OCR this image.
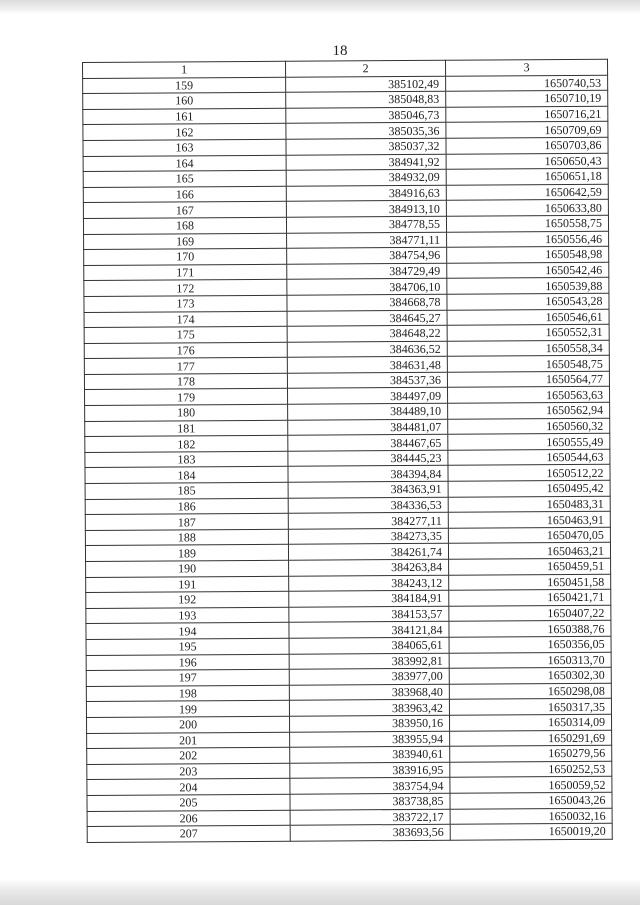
18
1	2	3
159	385102,49	1650740,53
160	385048,83	1650710,19
161	385046,73	1650716,21
162	385035,36	1650709,69
163	385037,32	1650703,86
164	384941,92	1650650,43
165	384932,09	1650651,18
166	384916,63	1650642,59
167	384913,10	1650633,80
168	384778,55	1650558,75
169	384771,11	1650556,46
170	384754,96	1650548,98
171	384729,49	1650542,46
172	384706,10	1650539,88
173	384668,78	1650543,28
174	384645,27	1650546,61
175	384648,22	1650552,31
176	384636,52	1650558,34
177	384631,48	1650548,75
178	384537,36	1650564,77
179	384497,09	1650563,63
180	384489,10	1650562,94
181	384481,07	1650560,32
182	384467,65	1650555,49
183	384445,23	1650544,63
184	384394,84	1650512,22
185	384363,91	1650495,42
186	384336,53	1650483,31
187	384277,11	1650463,91
188	384273,35	1650470,05
189	384261,74	1650463,21
190	384263,84	1650459,51
191	384243,12	1650451,58
192	384184,91	1650421,71
193	384153,57	1650407,22
194	384121,84	1650388,76
195	384065,61	1650356,05
196	383992,81	1650313,70
197	383977,00	1650302,30
198	383968,40	1650298,08
199	383963,42	1650317,35
200	383950,16	1650314,09
201	383955,94	1650291,69
202	383940,61	1650279,56
203	383916,95	1650252,53
204	383754,94	1650059,52
205	383738,85	1650043,26
206	383722,17	1650032,16
207	383693,56	1650019,20
